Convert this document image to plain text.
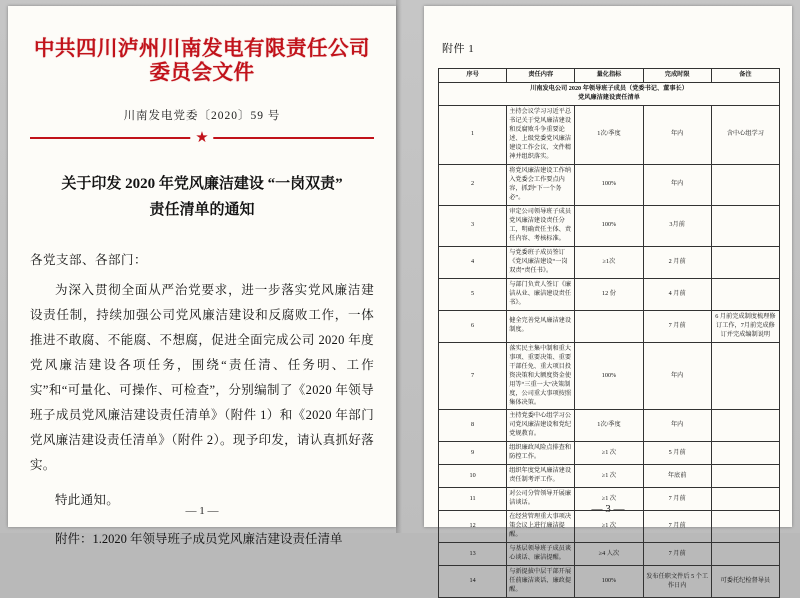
中共四川泸州川南发电有限责任公司委员会文件
川南发电党委〔2020〕59 号
★
关于印发 2020 年党风廉洁建设 “一岗双责”
责任清单的通知
各党支部、各部门：

为深入贯彻全面从严治党要求，进一步落实党风廉洁建设责任制，持续加强公司党风廉洁建设和反腐败工作，一体推进不敢腐、不能腐、不想腐，促进全面完成公司 2020 年度党风廉洁建设各项任务，围绕“责任清、任务明、工作实”和“可量化、可操作、可检查”，分别编制了《2020 年领导班子成员党风廉洁建设责任清单》（附件 1）和《2020 年部门党风廉洁建设责任清单》（附件 2）。现予印发，请认真抓好落实。

特此通知。

附件：1.2020 年领导班子成员党风廉洁建设责任清单
— 1 —
附件 1
川南发电公司 2020 年领导班子成员（党委书记、董事长）
党风廉洁建设责任清单				

序号	责任内容	量化指标	完成时限	备注
1	主持会议学习习近平总书记关于党风廉洁建设和反腐败斗争重要论述、上级党委党风廉洁建设工作会议、文件精神并组织落实。	1次/季度	年内	含中心组学习
2	将党风廉洁建设工作纳入党委会工作要点内容，抓到“下一个务必”。	100%	年内	
3	审定公司领导班子成员党风廉洁建设责任分工，明确责任主体、责任内容、考核标准。	100%	3月前	
4	与党委班子成员签订《党风廉洁建设“一岗双责”责任书》。	≥1次	2 月前	
5	与部门负责人签订《廉洁从业、廉洁建设责任书》。	12 份	4 月前	
6	健全完善党风廉洁建设制度。		7 月前	6 月前完成制度梳理修订工作，7月前完成修订并完成编制说明
7	落实民主集中制和重大事项、重要决策、重要干部任免、重大项目投资决策和大额度资金使用等“三重一大”决策制度，公司重大事项按照集体决策。	100%	年内	
8	主持党委中心组学习公司党风廉洁建设和党纪党规教育。	1次/季度	年内	
9	组织廉政风险点排查和防控工作。	≥1 次	5 月前	
10	组织年度党风廉洁建设责任制考评工作。	≥1 次	年底前	
11	对公司分管领导开展廉洁谈话。	≥1 次	7 月前	
12	在经营管理重大事项决策会议上进行廉洁提醒。	≥1 次	7 月前	
13	与基层领导班子成员谈心谈话、廉洁提醒。	≥4 人次	7 月前	
14	与新提拔中层干部开展任前廉洁谈话、廉政提醒。	100%	发布任职文件后 5 个工作日内	可委托纪检督导员
— 3 —
